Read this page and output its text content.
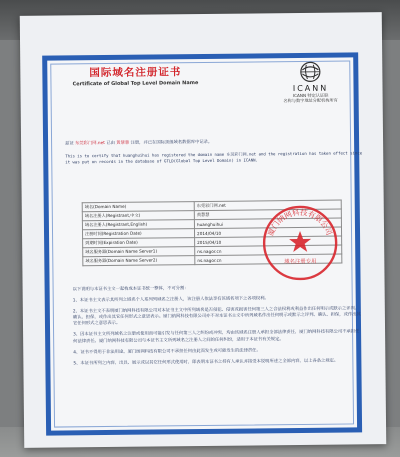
国际域名注册证书
Certificate of Global Top Level Domain Name	ICANN
ICANN 特定认证联
名称与数字地址分配机构所有
兹证 东莞彩门网.net 已由 黄慧慧 注册，并已在国际顶级域名数据库中记录。
This is to certify that huanghuihui has registered the domain name 东莞彩门网.net and the registration has taken effect since it was put on records in the database of GTLD(Global Top Level Domain) in ICANN.
域名(Domain Name)	东莞彩门网.net
域名注册人(Registrant,中文)	黄慧慧
域名注册人(Registrant,English)	huanghuihui
注册时间(Registration Date)	2014/04/10
到期时间(Expiration Date)	2015/04/10
域名服务器(Domain Name Server1)	ns.nagor.cn
域名服务器(Domain Name Server2)	ns.nagor.cn
厦门纳网科技有限公司
域名注册专用

以下说明与本证书主文一起构成本证书统一整体，不可分割：

1、本证书主文表示其所列之域名个人系列列域名之注册人，该注册人依法享有该域名项下之各项权利。

2、本证书主文不表明厦门纳网科技有限公司对本证书主文中所列域名是否侵犯、侵害或损害任何第三人之合法权利或利益作出任何明示或默示之评判、确认、担保，或作出其它任何形式之意思表示。厦门纳网科技有限公司亦不对本证书主文中所列域名作出任何明示或默示之评判、确认、担保，或作出其它任何形式之意思表示。

3、因本证书主文所列域名之注册或使用而可能引发与任何第三人之纠纷或冲突，均由该域名注册人承担全部法律责任，厦门纳网科技有限公司不承担任何法律责任。厦门纳网科技有限公司与本证书主文所列域名之注册人之间的任何纠纷，适用于本证书有关规定。

4、证书不得用于非法用途。厦门纳网科技有限公司不承担任何由此而发生或可能发生的法律责任。

5、本证书所列之内容，出具、展示或以其它任何形式使用时，即表明本证书之持有人承认并接受本说明所述之全部内容，以上各条之规定。
